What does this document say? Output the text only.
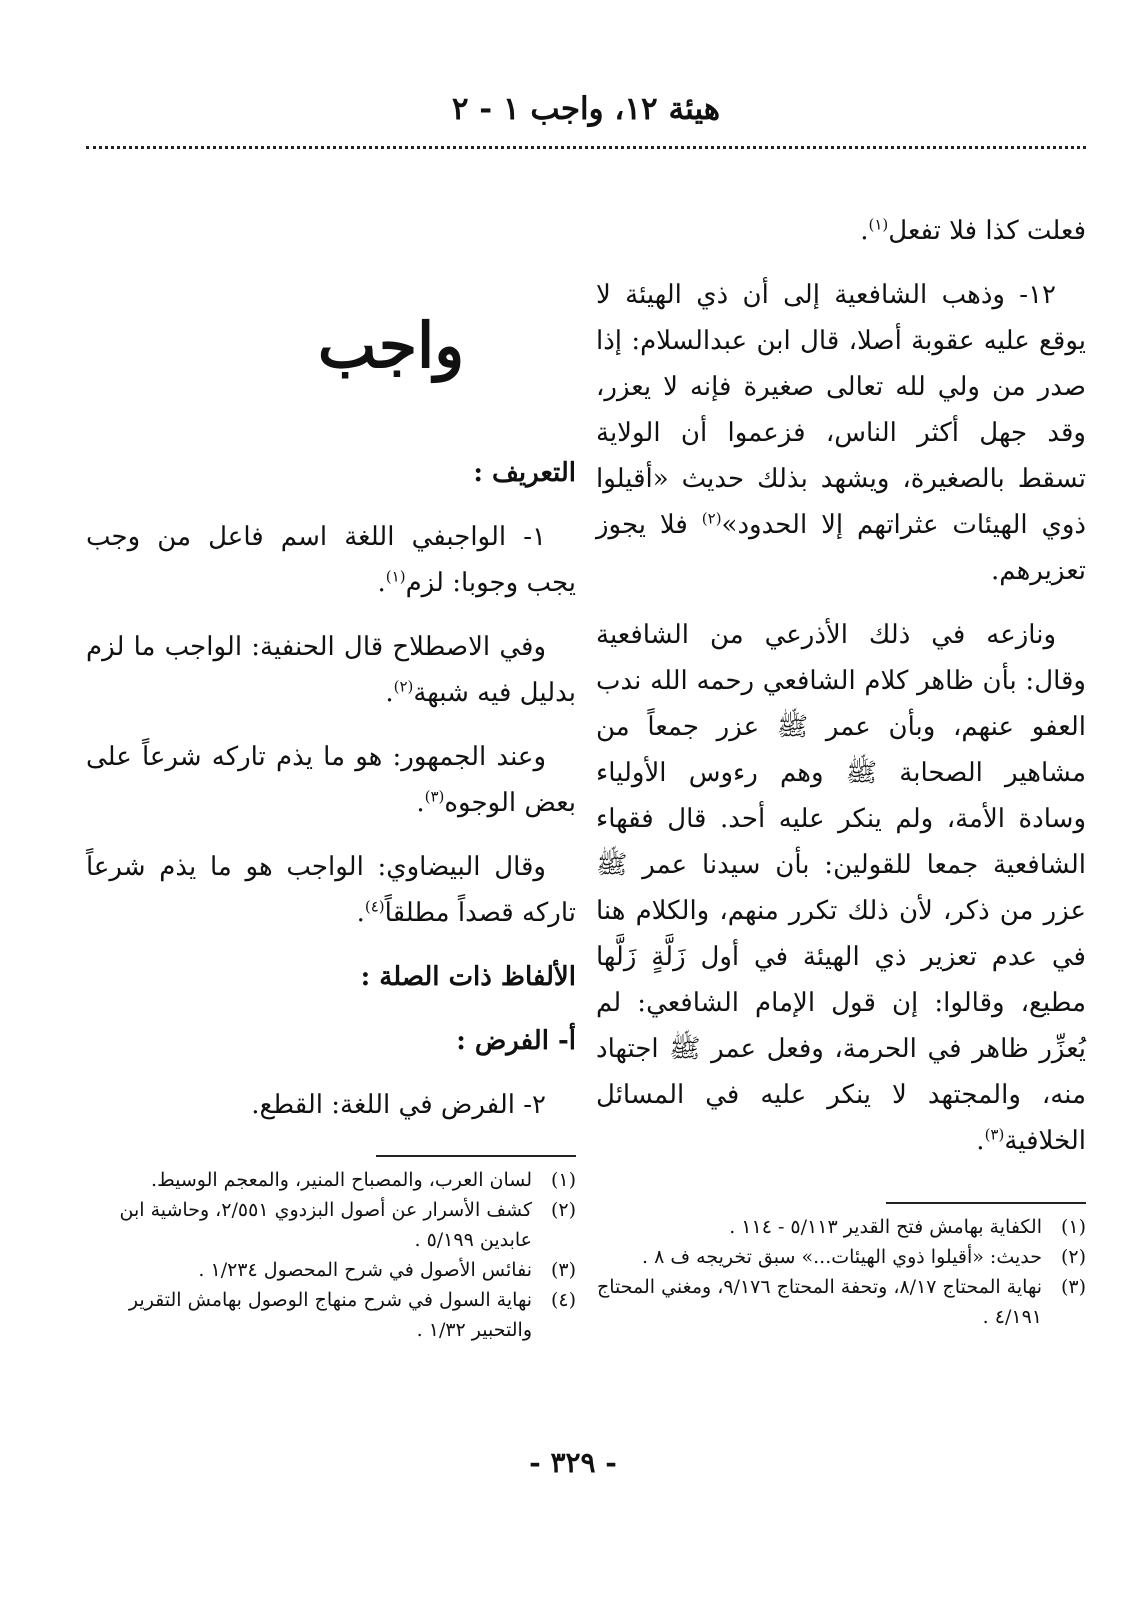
هيئة ١٢، واجب ١ - ٢

فعلت كذا فلا تفعل$^{(١)}$.

١٢- وذهب الشافعية إلى أن ذي الهيئة لا يوقع عليه عقوبة أصلا، قال ابن عبدالسلام: إذا صدر من ولي لله تعالى صغيرة فإنه لا يعزر، وقد جهل أكثر الناس، فزعموا أن الولاية تسقط بالصغيرة، ويشهد بذلك حديث «أقيلوا ذوي الهيئات عثراتهم إلا الحدود»$^{(٢)}$ فلا يجوز تعزيرهم.

ونازعه في ذلك الأذرعي من الشافعية وقال: بأن ظاهر كلام الشافعي رحمه الله ندب العفو عنهم، وبأن عمر ﷺ عزر جمعاً من مشاهير الصحابة ﷺ وهم رءوس الأولياء وسادة الأمة، ولم ينكر عليه أحد. قال فقهاء الشافعية جمعا للقولين: بأن سيدنا عمر ﷺ عزر من ذكر، لأن ذلك تكرر منهم، والكلام هنا في عدم تعزير ذي الهيئة في أول زَلَّةٍ زَلَّها مطيع، وقالوا: إن قول الإمام الشافعي: لم يُعزِّر ظاهر في الحرمة، وفعل عمر ﷺ اجتهاد منه، والمجتهد لا ينكر عليه في المسائل الخلافية$^{(٣)}$.

(١)
الكفاية بهامش فتح القدير ٥/١١٣ - ١١٤ .
(٢)
حديث: «أقيلوا ذوي الهيئات...» سبق تخريجه ف ٨ .
(٣)
نهاية المحتاج ٨/١٧، وتحفة المحتاج ٩/١٧٦، ومغني المحتاج ٤/١٩١ .
واجب

التعريف :

١- الواجبفي اللغة اسم فاعل من وجب يجب وجوبا: لزم$^{(١)}$.

وفي الاصطلاح قال الحنفية: الواجب ما لزم بدليل فيه شبهة$^{(٢)}$.

وعند الجمهور: هو ما يذم تاركه شرعاً على بعض الوجوه$^{(٣)}$.

وقال البيضاوي: الواجب هو ما يذم شرعاً تاركه قصداً مطلقاً$^{(٤)}$.

الألفاظ ذات الصلة :

أ- الفرض :

٢- الفرض في اللغة: القطع.

(١)
لسان العرب، والمصباح المنير، والمعجم الوسيط.
(٢)
كشف الأسرار عن أصول البزدوي ٢/٥٥١، وحاشية ابن عابدين ٥/١٩٩ .
(٣)
نفائس الأصول في شرح المحصول ١/٢٣٤ .
(٤)
نهاية السول في شرح منهاج الوصول بهامش التقرير والتحبير ١/٣٢ .
- ٣٢٩ -
